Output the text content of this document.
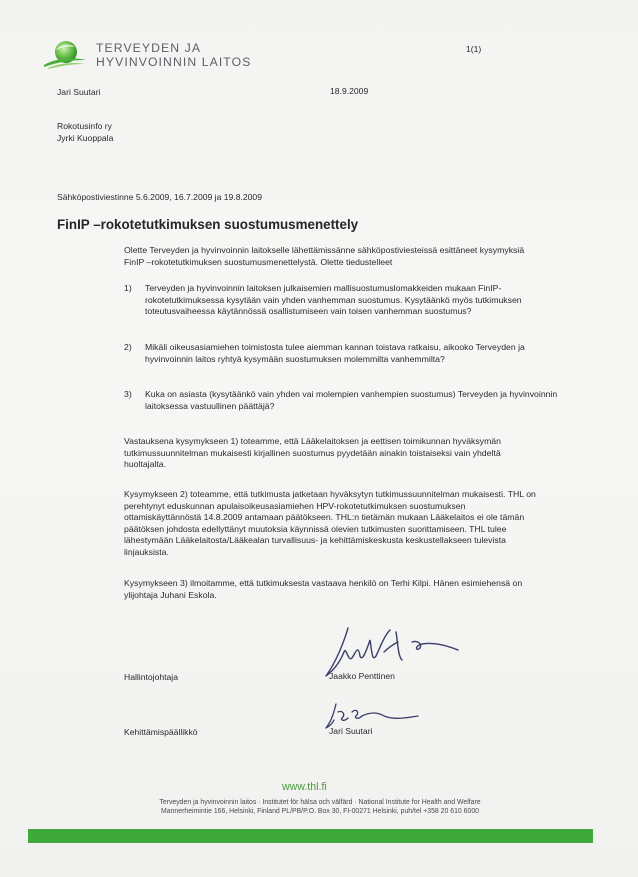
TERVEYDEN JA
HYVINVOINNIN LAITOS
1(1)
Jari Suutari	18.9.2009
Rokotusinfo ry
Jyrki Kuoppala
Sähköpostiviestinne 5.6.2009, 16.7.2009 ja 19.8.2009
FinIP –rokotetutkimuksen suostumusmenettely
Olette Terveyden ja hyvinvoinnin laitokselle lähettämissänne sähköpostiviesteissä esittäneet kysymyksiä FinIP –rokotetutkimuksen suostumusmenettelystä. Olette tiedustelleet
1) Terveyden ja hyvinvoinnin laitoksen julkaisemien mallisuostumuslomakkeiden mukaan FinIP-rokotetutkimuksessa kysytään vain yhden vanhemman suostumus. Kysytäänkö myös tutkimuksen toteutusvaiheessa käytännössä osallistumiseen vain toisen vanhemman suostumus?
2) Mikäli oikeusasiamiehen toimistosta tulee aiemman kannan toistava ratkaisu, aikooko Terveyden ja hyvinvoinnin laitos ryhtyä kysymään suostumuksen molemmilta vanhemmilta?
3) Kuka on asiasta (kysytäänkö vain yhden vai molempien vanhempien suostumus) Terveyden ja hyvinvoinnin laitoksessa vastuullinen päättäjä?
Vastauksena kysymykseen 1) toteamme, että Lääkelaitoksen ja eettisen toimikunnan hyväksymän tutkimussuunnitelman mukaisesti kirjallinen suostumus pyydetään ainakin toistaiseksi vain yhdeltä huoltajalta.
Kysymykseen 2) toteamme, että tutkimusta jatketaan hyväksytyn tutkimussuunnitelman mukaisesti. THL on perehtynyt eduskunnan apulaisoikeusasiamiehen HPV-rokotetutkimuksen suostumuksen ottamiskäyttännöstä 14.8.2009 antamaan päätökseen. THL:n tietämän mukaan Lääkelaitos ei ole tämän päätöksen johdosta edellyttänyt muutoksia käynnissä olevien tutkimusten suorittamiseen. THL tulee lähestymään Lääkelaitosta/Lääkealan turvallisuus- ja kehittämiskeskusta keskustellakseen tulevista linjauksista.
Kysymykseen 3) ilmoitamme, että tutkimuksesta vastaava henkilö on Terhi Kilpi. Hänen esimiehensä on ylijohtaja Juhani Eskola.
Hallintojohtaja	Jaakko Penttinen
Kehittämispäällikkö	Jari Suutari
www.thl.fi
Terveyden ja hyvinvoinnin laitos · Institutet för hälsa och välfärd · National Institute for Health and Welfare
Mannerheimintie 166, Helsinki, Finland PL/PB/P.O. Box 30, FI-00271 Helsinki, puh/tel +358 20 610 6000
